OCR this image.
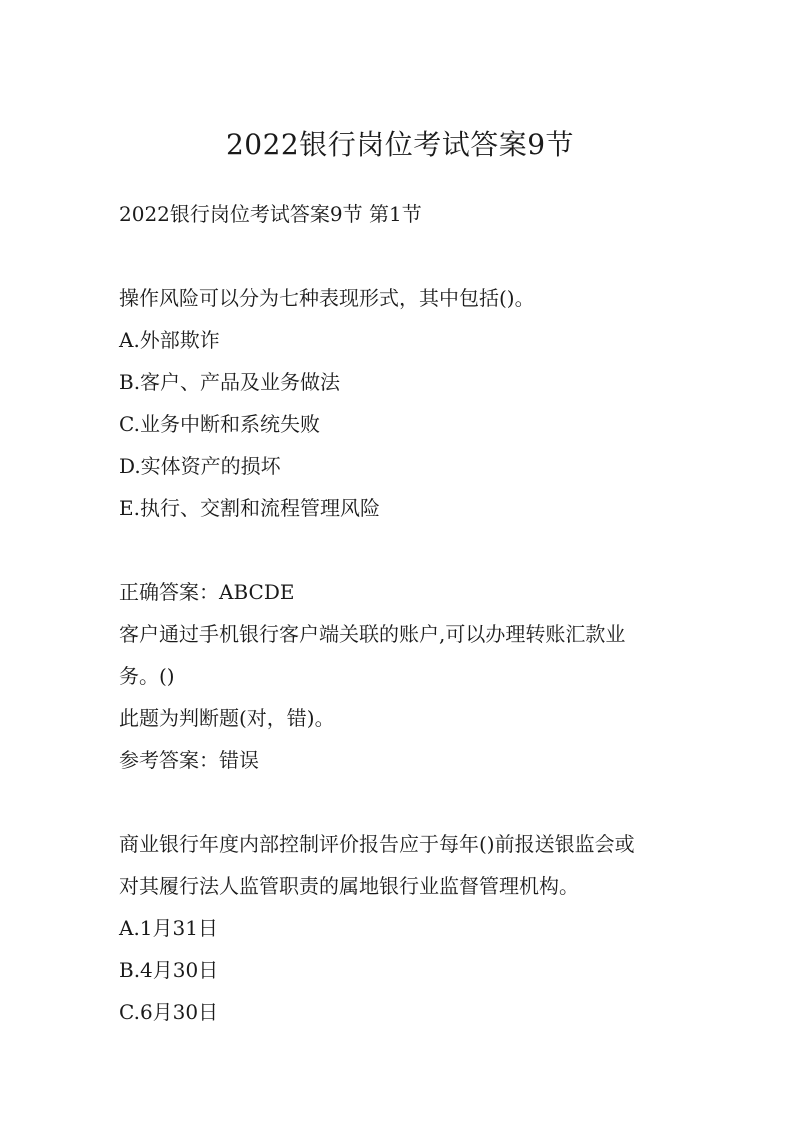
2022银行岗位考试答案9节
2022银行岗位考试答案9节 第1节
操作风险可以分为七种表现形式，其中包括()。
A.外部欺诈
B.客户、产品及业务做法
C.业务中断和系统失败
D.实体资产的损坏
E.执行、交割和流程管理风险
正确答案：ABCDE
客户通过手机银行客户端关联的账户,可以办理转账汇款业
务。()
此题为判断题(对，错)。
参考答案：错误
商业银行年度内部控制评价报告应于每年()前报送银监会或
对其履行法人监管职责的属地银行业监督管理机构。
A.1月31日
B.4月30日
C.6月30日
